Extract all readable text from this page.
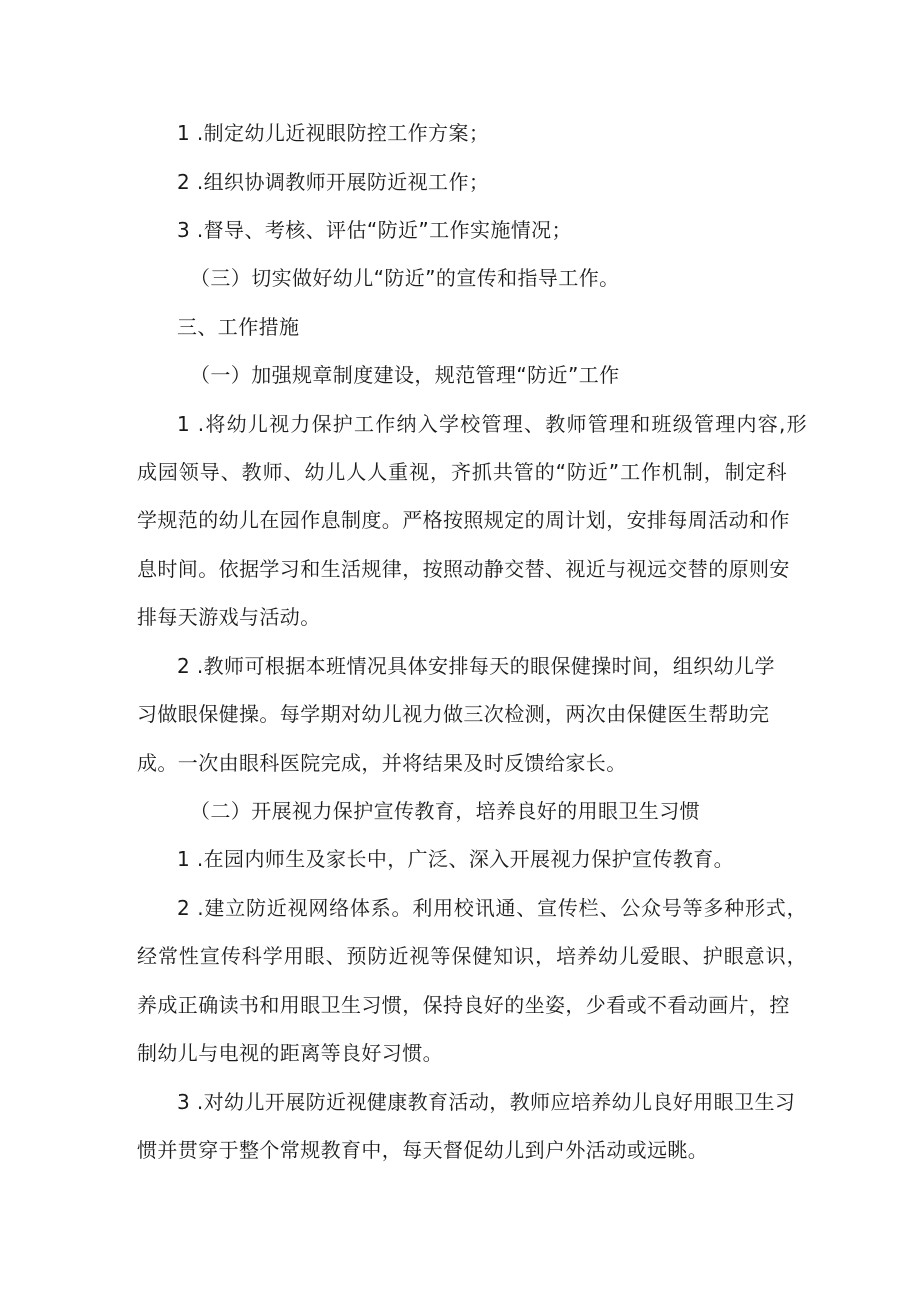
1 .制定幼儿近视眼防控工作方案；

2 .组织协调教师开展防近视工作；

3 .督导、考核、评估“防近”工作实施情况；

（三）切实做好幼儿“防近”的宣传和指导工作。

三、工作措施

（一）加强规章制度建设，规范管理“防近”工作

1 .将幼儿视力保护工作纳入学校管理、教师管理和班级管理内容,形

成园领导、教师、幼儿人人重视，齐抓共管的“防近”工作机制，制定科

学规范的幼儿在园作息制度。严格按照规定的周计划，安排每周活动和作

息时间。依据学习和生活规律，按照动静交替、视近与视远交替的原则安

排每天游戏与活动。

2 .教师可根据本班情况具体安排每天的眼保健操时间，组织幼儿学

习做眼保健操。每学期对幼儿视力做三次检测，两次由保健医生帮助完

成。一次由眼科医院完成，并将结果及时反馈给家长。

（二）开展视力保护宣传教育，培养良好的用眼卫生习惯

1 .在园内师生及家长中，广泛、深入开展视力保护宣传教育。

2 .建立防近视网络体系。利用校讯通、宣传栏、公众号等多种形式，

经常性宣传科学用眼、预防近视等保健知识，培养幼儿爱眼、护眼意识，

养成正确读书和用眼卫生习惯，保持良好的坐姿，少看或不看动画片，控

制幼儿与电视的距离等良好习惯。

3 .对幼儿开展防近视健康教育活动，教师应培养幼儿良好用眼卫生习

惯并贯穿于整个常规教育中，每天督促幼儿到户外活动或远眺。
